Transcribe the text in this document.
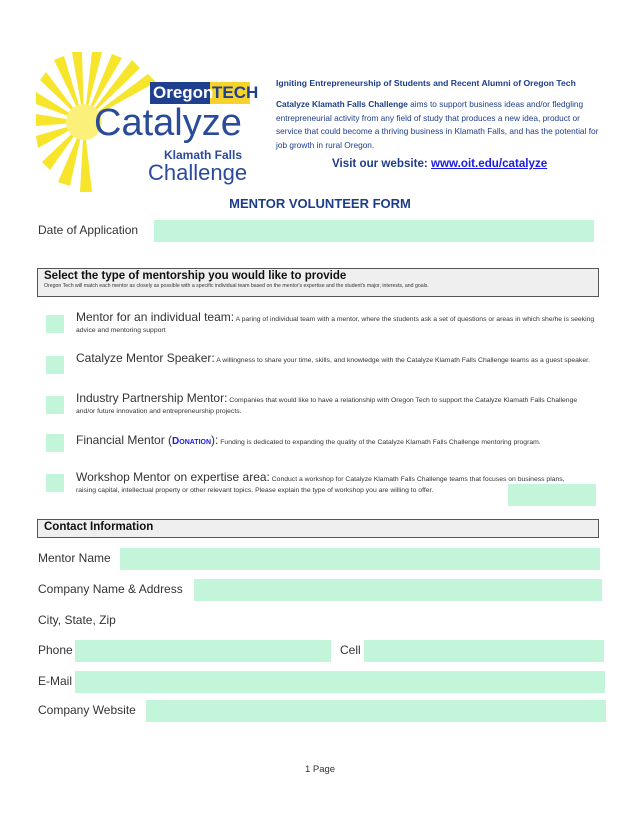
Oregon
TECH
Catalyze
Klamath Falls
Challenge
Igniting Entrepreneurship of Students and Recent Alumni of Oregon Tech
Catalyze Klamath Falls Challenge aims to support business ideas and/or fledgling entrepreneurial activity from any field of study that produces a new idea, product or service that could become a thriving business in Klamath Falls, and has the potential for job growth in rural Oregon.
Visit our website: www.oit.edu/catalyze
MENTOR VOLUNTEER FORM
Date of Application
Select the type of mentorship you would like to provide
Oregon Tech will match each mentor as closely as possible with a specific individual team based on the mentor's expertise and the student's major, interests, and goals.
Mentor for an individual team: A paring of individual team with a mentor, where the students ask a set of questions or areas in which she/he is seeking advice and mentoring support
Catalyze Mentor Speaker: A willingness to share your time, skills, and knowledge with the Catalyze Klamath Falls Challenge teams as a guest speaker.
Industry Partnership Mentor: Companies that would like to have a relationship with Oregon Tech to support the Catalyze Klamath Falls Challenge and/or future innovation and entrepreneurship projects.
Financial Mentor (Donation): Funding is dedicated to expanding the quality of the Catalyze Klamath Falls Challenge mentoring program.
Workshop Mentor on expertise area: Conduct a workshop for Catalyze Klamath Falls Challenge teams that focuses on business plans, raising capital, intellectual property or other relevant topics. Please explain the type of workshop you are willing to offer.
Contact Information
Mentor Name
Company Name & Address
City, State, Zip
Phone	Cell
E-Mail
Company Website
1 Page
